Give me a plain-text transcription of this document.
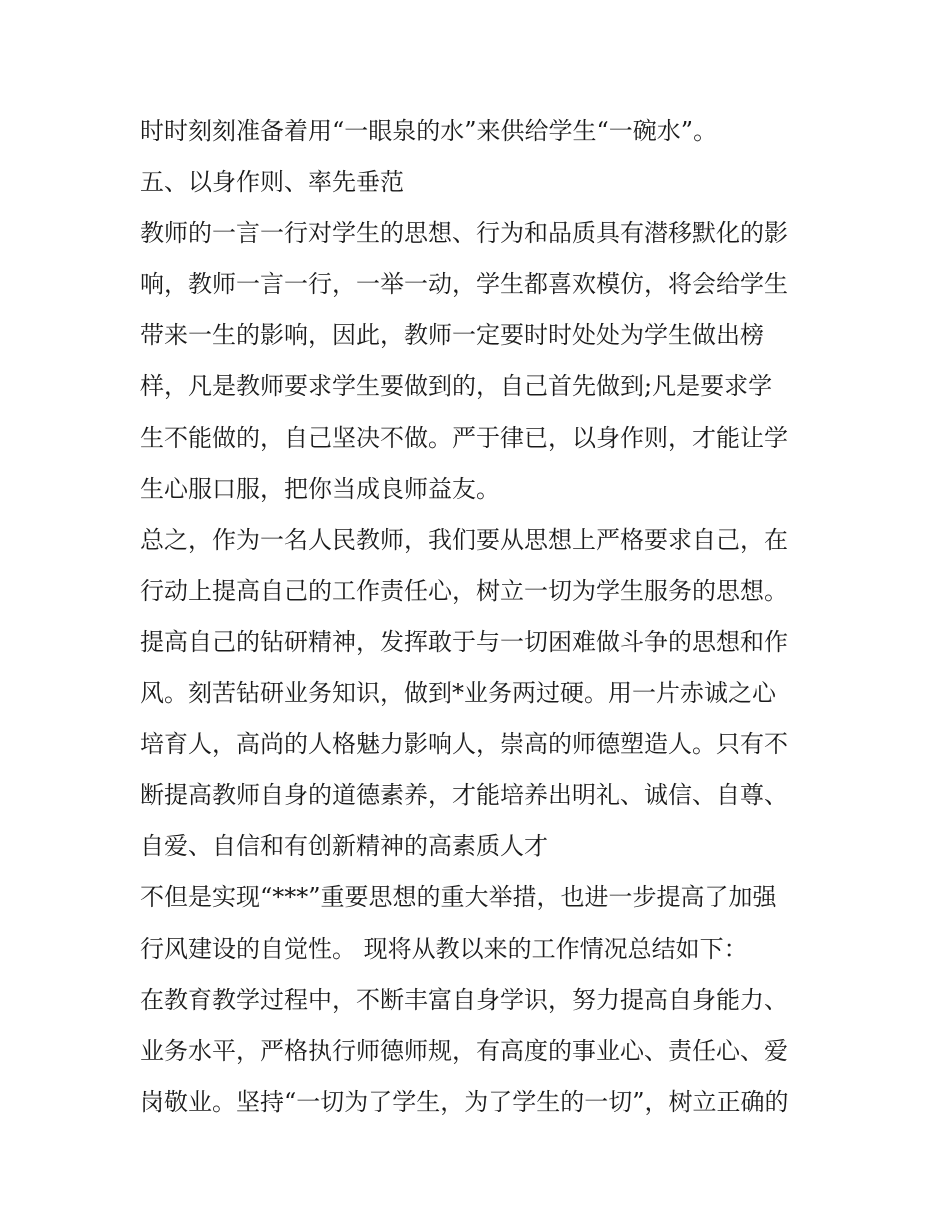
时时刻刻准备着用“一眼泉的水”来供给学生“一碗水”。
五、以身作则、率先垂范
教师的一言一行对学生的思想、行为和品质具有潜移默化的影
响，教师一言一行，一举一动，学生都喜欢模仿，将会给学生
带来一生的影响，因此，教师一定要时时处处为学生做出榜
样，凡是教师要求学生要做到的，自己首先做到;凡是要求学
生不能做的，自己坚决不做。严于律已，以身作则，才能让学
生心服口服，把你当成良师益友。
总之，作为一名人民教师，我们要从思想上严格要求自己，在
行动上提高自己的工作责任心，树立一切为学生服务的思想。
提高自己的钻研精神，发挥敢于与一切困难做斗争的思想和作
风。刻苦钻研业务知识，做到*业务两过硬。用一片赤诚之心
培育人，高尚的人格魅力影响人，崇高的师德塑造人。只有不
断提高教师自身的道德素养，才能培养出明礼、诚信、自尊、
自爱、自信和有创新精神的高素质人才
不但是实现“***”重要思想的重大举措，也进一步提高了加强
行风建设的自觉性。 现将从教以来的工作情况总结如下：
在教育教学过程中，不断丰富自身学识，努力提高自身能力、
业务水平，严格执行师德师规，有高度的事业心、责任心、爱
岗敬业。坚持“一切为了学生，为了学生的一切”，树立正确的
